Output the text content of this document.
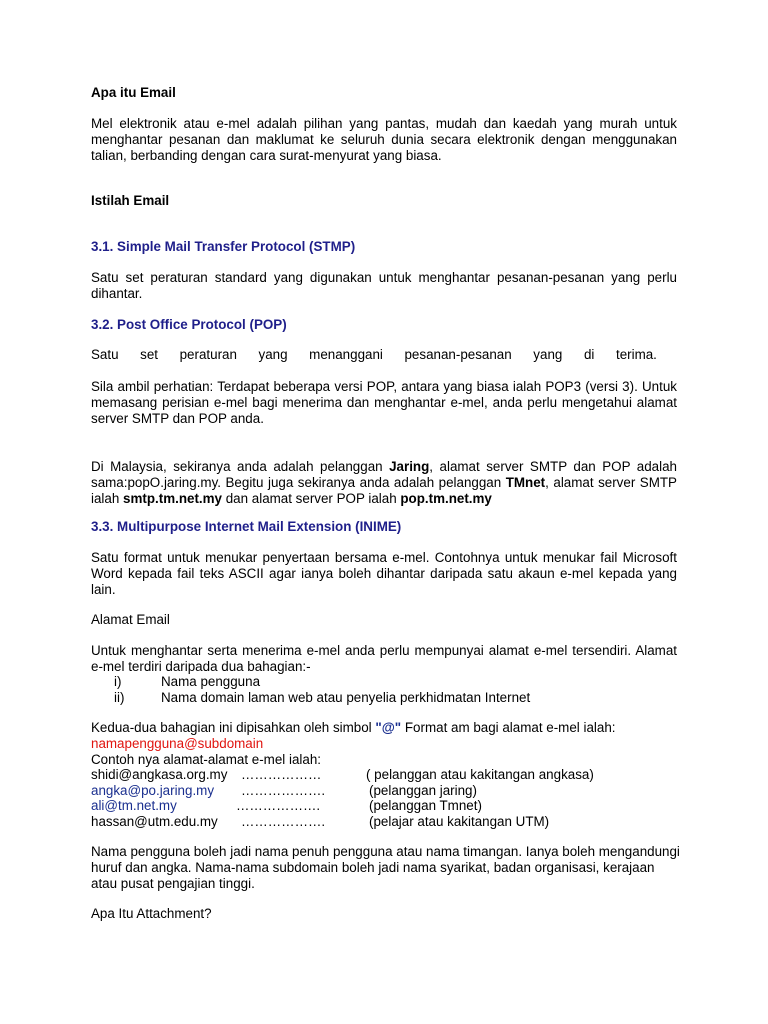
Apa itu Email

Mel elektronik atau e-mel adalah pilihan yang pantas, mudah dan kaedah yang murah untuk menghantar pesanan dan maklumat ke seluruh dunia secara elektronik dengan menggunakan talian, berbanding dengan cara surat-menyurat yang biasa.

Istilah Email

3.1. Simple Mail Transfer Protocol (STMP)

Satu set peraturan standard yang digunakan untuk menghantar pesanan-pesanan yang perlu dihantar.

3.2. Post Office Protocol (POP)

Satu set peraturan yang menanggani pesanan-pesanan yang di terima.

Sila ambil perhatian: Terdapat beberapa versi POP, antara yang biasa ialah POP3 (versi 3). Untuk memasang perisian e-mel bagi menerima dan menghantar e-mel, anda perlu mengetahui alamat server SMTP dan POP anda.

Di Malaysia, sekiranya anda adalah pelanggan Jaring, alamat server SMTP dan POP adalah sama:popO.jaring.my. Begitu juga sekiranya anda adalah pelanggan TMnet, alamat server SMTP ialah smtp.tm.net.my dan alamat server POP ialah pop.tm.net.my

3.3. Multipurpose Internet Mail Extension (INIME)

Satu format untuk menukar penyertaan bersama e-mel. Contohnya untuk menukar fail Microsoft Word kepada fail teks ASCII agar ianya boleh dihantar daripada satu akaun e-mel kepada yang lain.

Alamat Email

Untuk menghantar serta menerima e-mel anda perlu mempunyai alamat e-mel tersendiri. Alamat e-mel terdiri daripada dua bahagian:-

i)	Nama pengguna
ii)	Nama domain laman web atau penyelia perkhidmatan Internet

Kedua-dua bahagian ini dipisahkan oleh simbol "@" Format am bagi alamat e-mel ialah:

namapengguna@subdomain

Contoh nya alamat-alamat e-mel ialah:

shidi@angkasa.org.my ………………	( pelanggan atau kakitangan angkasa)
angka@po.jaring.my ……………….	(pelanggan jaring)
ali@tm.net.my	……………….	(pelanggan Tmnet)
hassan@utm.edu.my ……………….	(pelajar atau kakitangan UTM)

Nama pengguna boleh jadi nama penuh pengguna atau nama timangan. Ianya boleh mengandungi huruf dan angka. Nama-nama subdomain boleh jadi nama syarikat, badan organisasi, kerajaan atau pusat pengajian tinggi.

Apa Itu Attachment?
